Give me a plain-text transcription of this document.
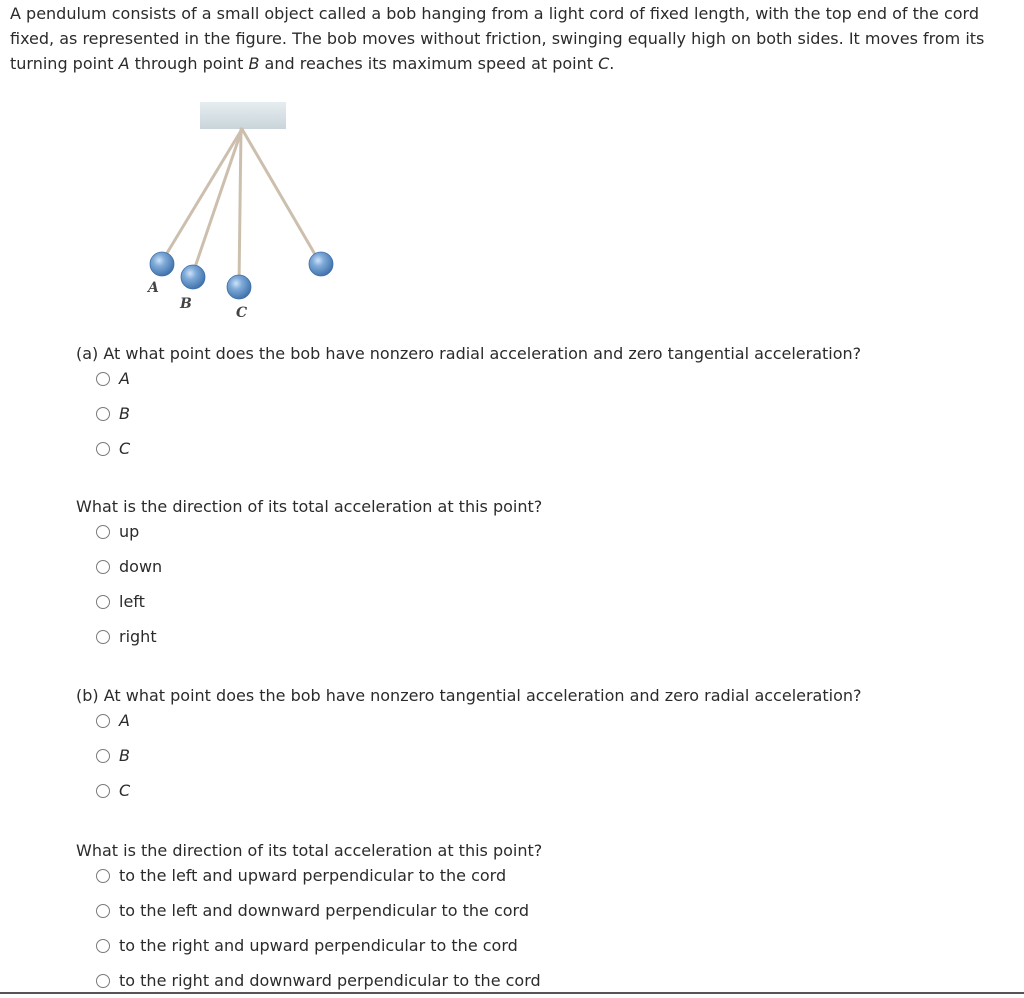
A pendulum consists of a small object called a bob hanging from a light cord of fixed length, with the top end of the cord fixed, as represented in the figure. The bob moves without friction, swinging equally high on both sides. It moves from its turning point A through point B and reaches its maximum speed at point C.

A
B
C

(a) At what point does the bob have nonzero radial acceleration and zero tangential acceleration?

A
B
C

What is the direction of its total acceleration at this point?

up
down
left
right

(b) At what point does the bob have nonzero tangential acceleration and zero radial acceleration?

A
B
C

What is the direction of its total acceleration at this point?

to the left and upward perpendicular to the cord
to the left and downward perpendicular to the cord
to the right and upward perpendicular to the cord
to the right and downward perpendicular to the cord
